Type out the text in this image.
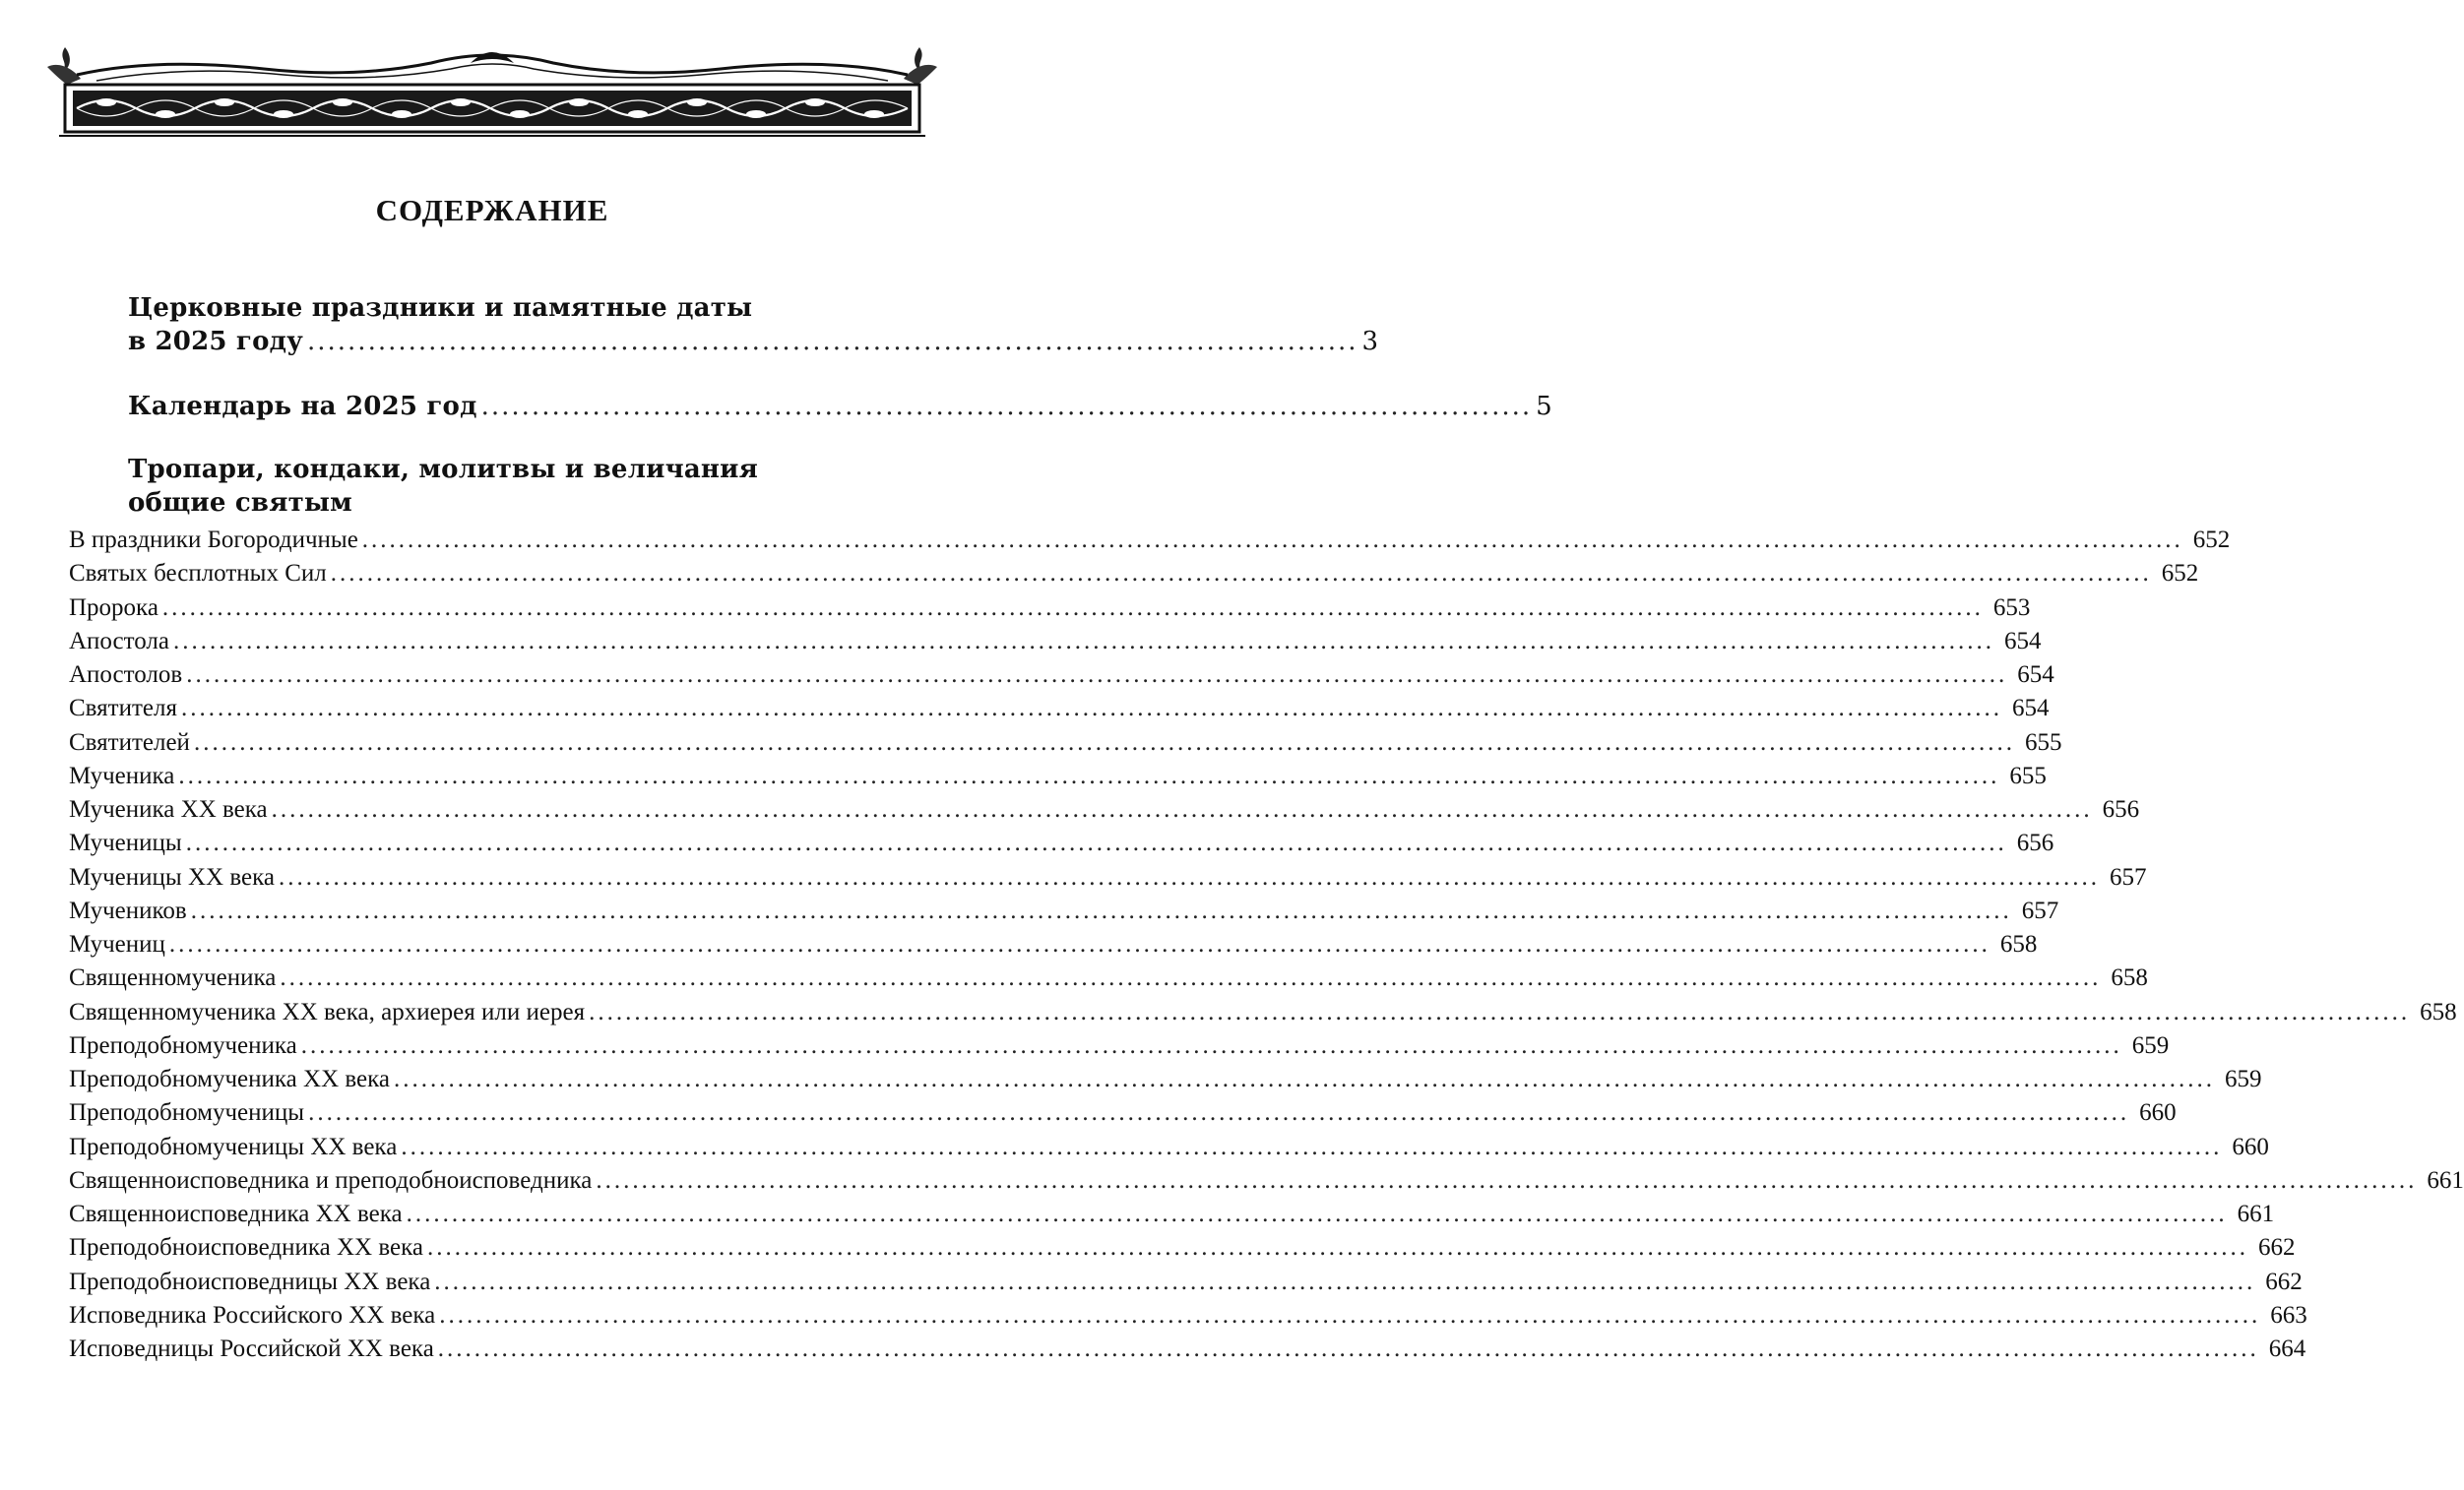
СОДЕРЖАНИЕ
Церковные праздники и памятные даты
в 2025 году ........................................................................................................ 3
Календарь на 2025 год ........................................................................................................ 5
Тропари, кондаки, молитвы и величания
общие святым
В праздники Богородичные ........................................................................................................................................................................................................ 652
Святых бесплотных Сил ........................................................................................................................................................................................................ 652
Пророка ........................................................................................................................................................................................................ 653
Апостола ........................................................................................................................................................................................................ 654
Апостолов ........................................................................................................................................................................................................ 654
Святителя ........................................................................................................................................................................................................ 654
Святителей ........................................................................................................................................................................................................ 655
Мученика ........................................................................................................................................................................................................ 655
Мученика ХХ века ........................................................................................................................................................................................................ 656
Мученицы ........................................................................................................................................................................................................ 656
Мученицы ХХ века ........................................................................................................................................................................................................ 657
Мучеников ........................................................................................................................................................................................................ 657
Мучениц ........................................................................................................................................................................................................ 658
Священномученика ........................................................................................................................................................................................................ 658
Священномученика ХХ века, архиерея или иерея ........................................................................................................................................................................................................ 658
Преподобномученика ........................................................................................................................................................................................................ 659
Преподобномученика ХХ века ........................................................................................................................................................................................................ 659
Преподобномученицы ........................................................................................................................................................................................................ 660
Преподобномученицы ХХ века ........................................................................................................................................................................................................ 660
Священноисповедника и преподобноисповедника ........................................................................................................................................................................................................ 661
Священноисповедника ХХ века ........................................................................................................................................................................................................ 661
Преподобноисповедника ХХ века ........................................................................................................................................................................................................ 662
Преподобноисповедницы ХХ века ........................................................................................................................................................................................................ 662
Исповедника Российского ХХ века ........................................................................................................................................................................................................ 663
Исповедницы Российской ХХ века ........................................................................................................................................................................................................ 664
